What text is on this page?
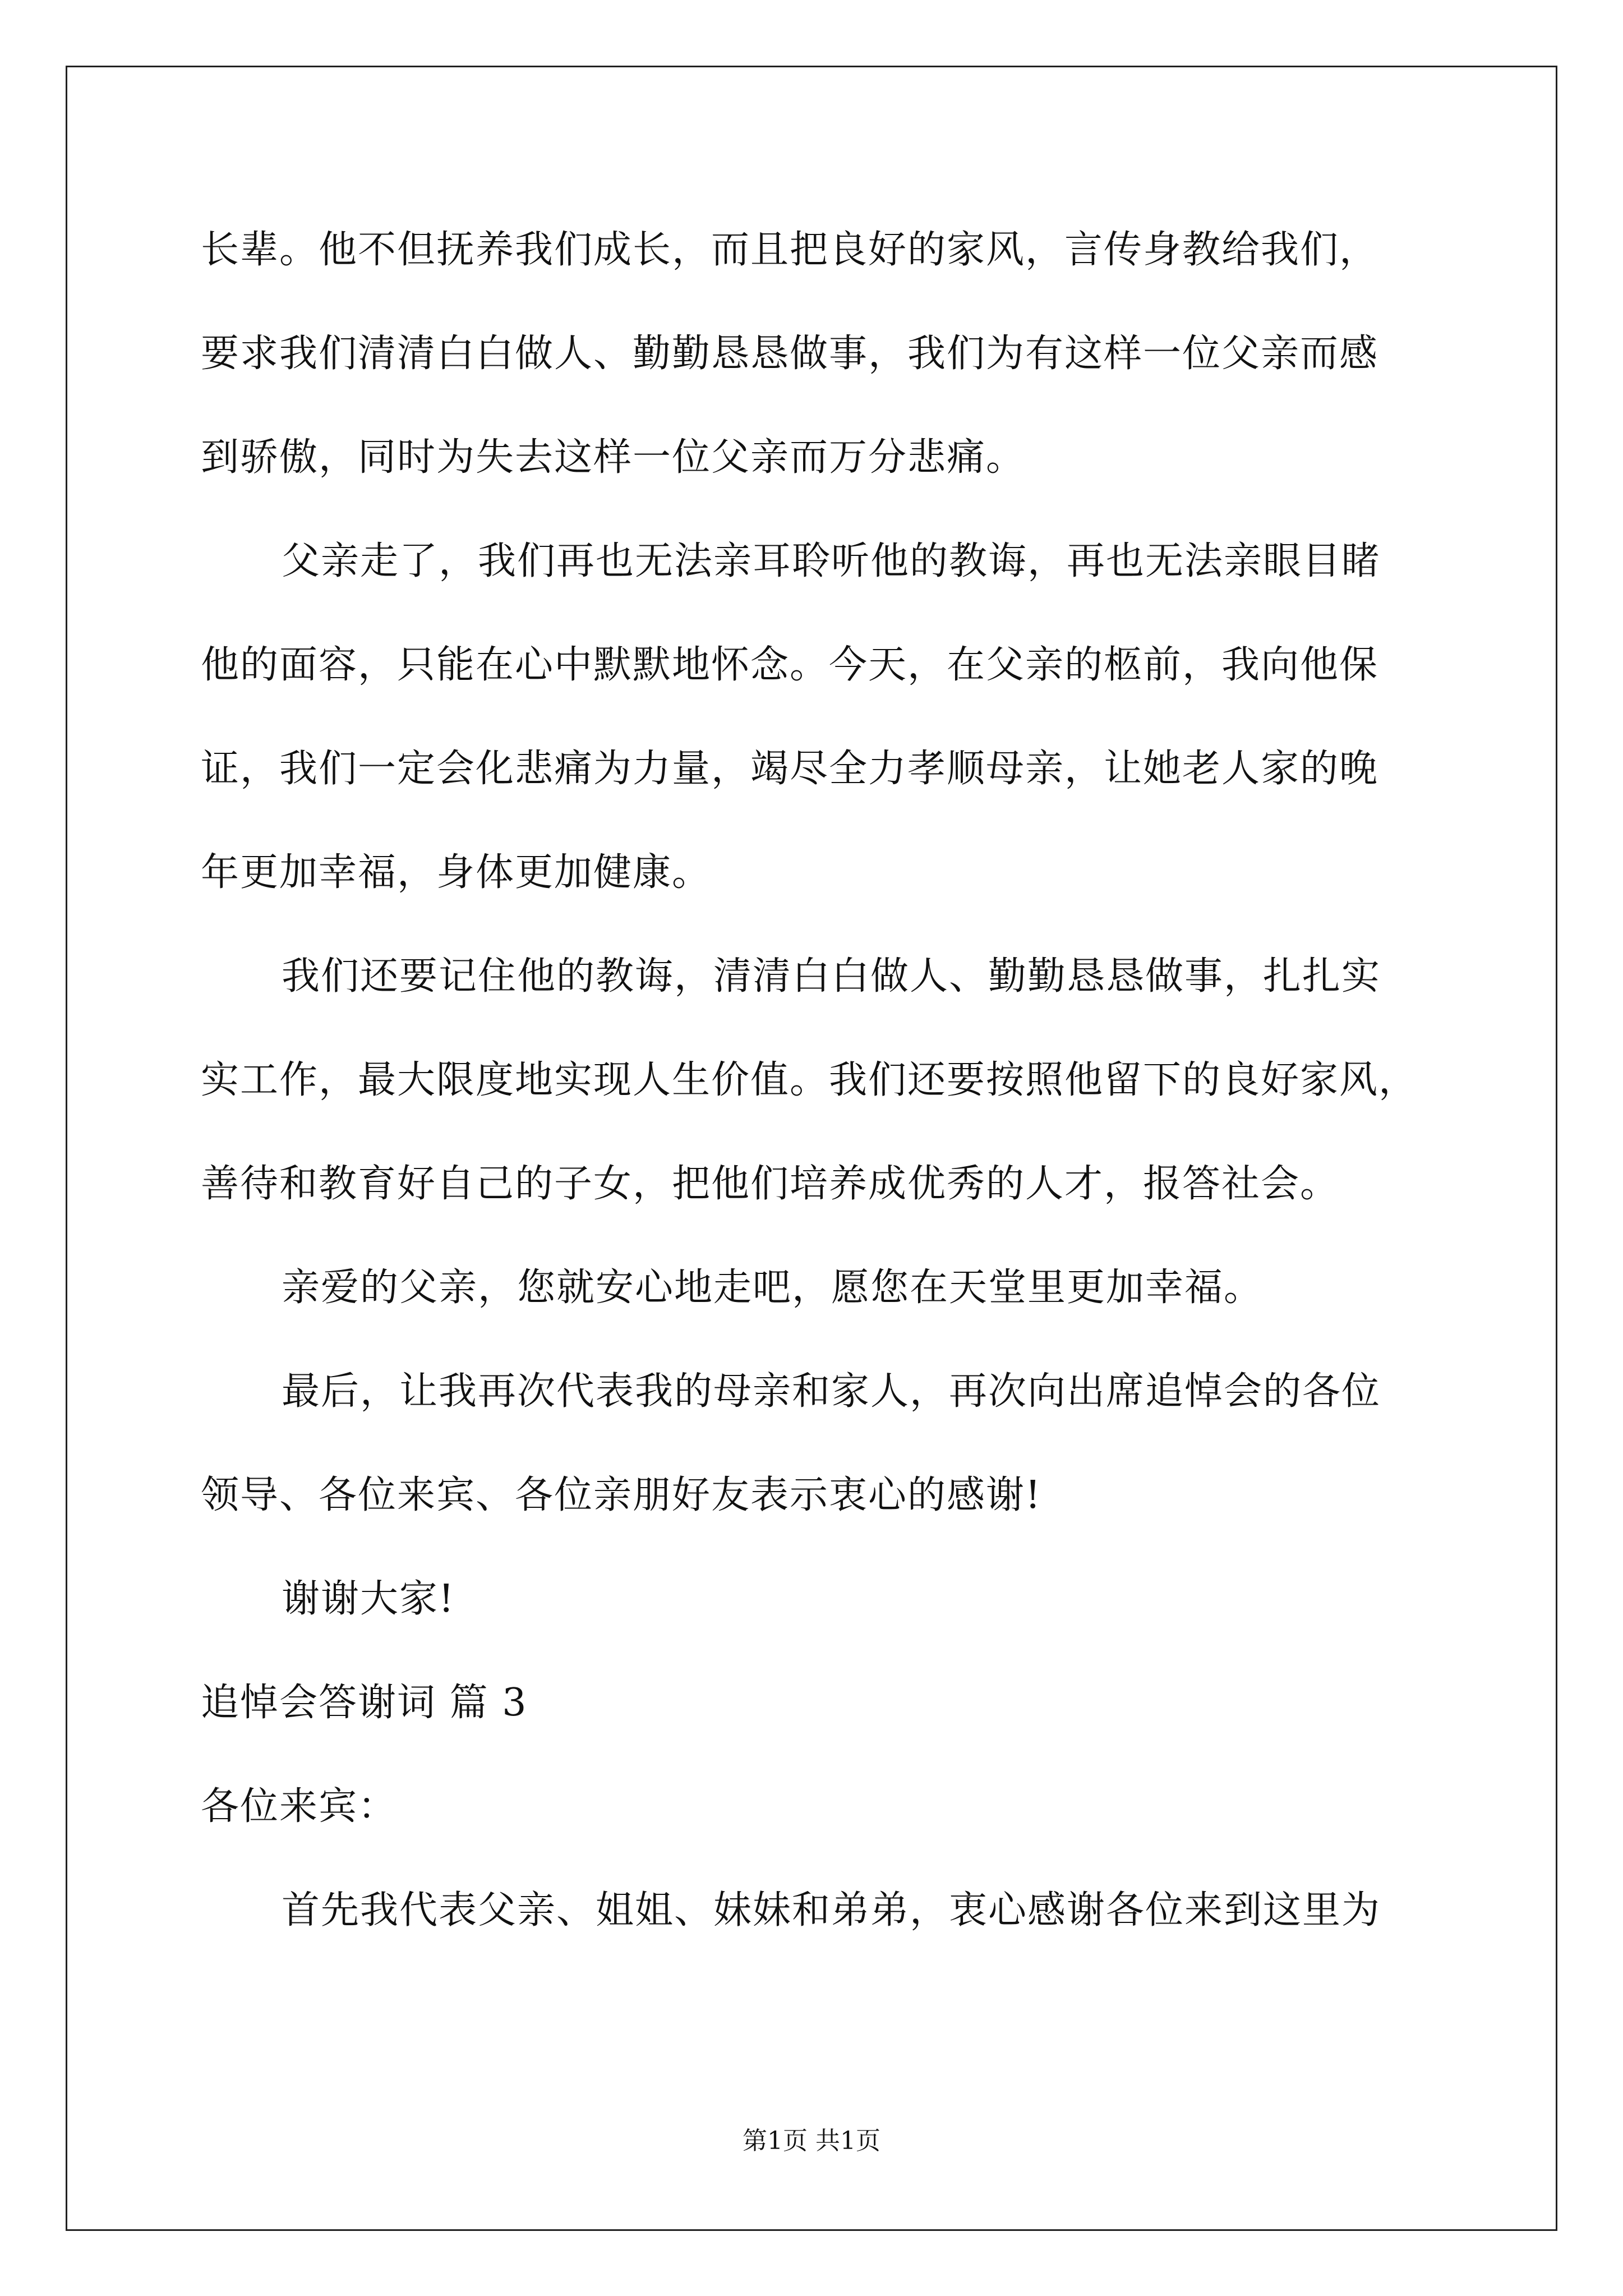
长辈。他不但抚养我们成长，而且把良好的家风，言传身教给我们，
要求我们清清白白做人、勤勤恳恳做事，我们为有这样一位父亲而感
到骄傲，同时为失去这样一位父亲而万分悲痛。
父亲走了，我们再也无法亲耳聆听他的教诲，再也无法亲眼目睹
他的面容，只能在心中默默地怀念。今天，在父亲的柩前，我向他保
证，我们一定会化悲痛为力量，竭尽全力孝顺母亲，让她老人家的晚
年更加幸福，身体更加健康。
我们还要记住他的教诲，清清白白做人、勤勤恳恳做事，扎扎实
实工作，最大限度地实现人生价值。我们还要按照他留下的良好家风，
善待和教育好自己的子女，把他们培养成优秀的人才，报答社会。
亲爱的父亲，您就安心地走吧，愿您在天堂里更加幸福。
最后，让我再次代表我的母亲和家人，再次向出席追悼会的各位
领导、各位来宾、各位亲朋好友表示衷心的感谢!
谢谢大家!
追悼会答谢词 篇 3
各位来宾：
首先我代表父亲、姐姐、妹妹和弟弟，衷心感谢各位来到这里为
第1页 共1页
